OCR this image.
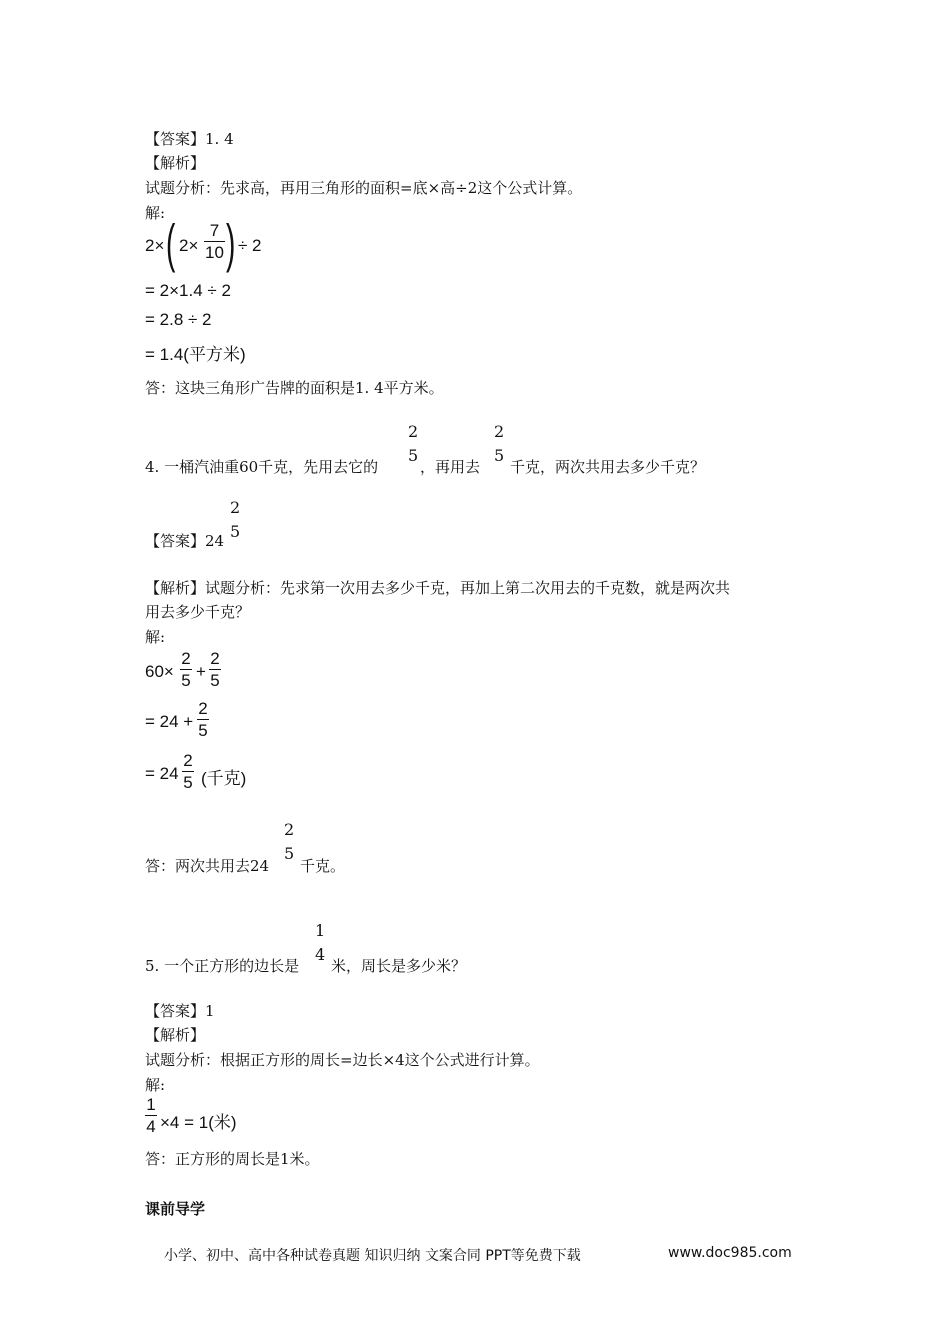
【答案】1. 4
【解析】
试题分析：先求高，再用三角形的面积=底×高÷2这个公式计算。
解:
2× ( 2×
7
10 ) ÷ 2
= 2×1.4 ÷ 2
= 2.8 ÷ 2
= 1.4(平方米)
答：这块三角形广告牌的面积是1. 4平方米。
4. 一桶汽油重60千克，先用去它的
2
5
，再用去
2
5
千克，两次共用去多少千克？
【答案】24
2
5
【解析】试题分析：先求第一次用去多少千克，再加上第二次用去的千克数，就是两次共
用去多少千克？
解:
60×
2
5 +
2
5
= 24 +
2
5
= 24
2
5 (千克)
答：两次共用去24
2
5
千克。
5. 一个正方形的边长是
1
4
米，周长是多少米？
【答案】1
【解析】
试题分析：根据正方形的周长=边长×4这个公式进行计算。
解:
1
4 ×4 = 1(米)
答：正方形的周长是1米。
课前导学
小学、初中、高中各种试卷真题 知识归纳 文案合同 PPT等免费下载	www.doc985.com
